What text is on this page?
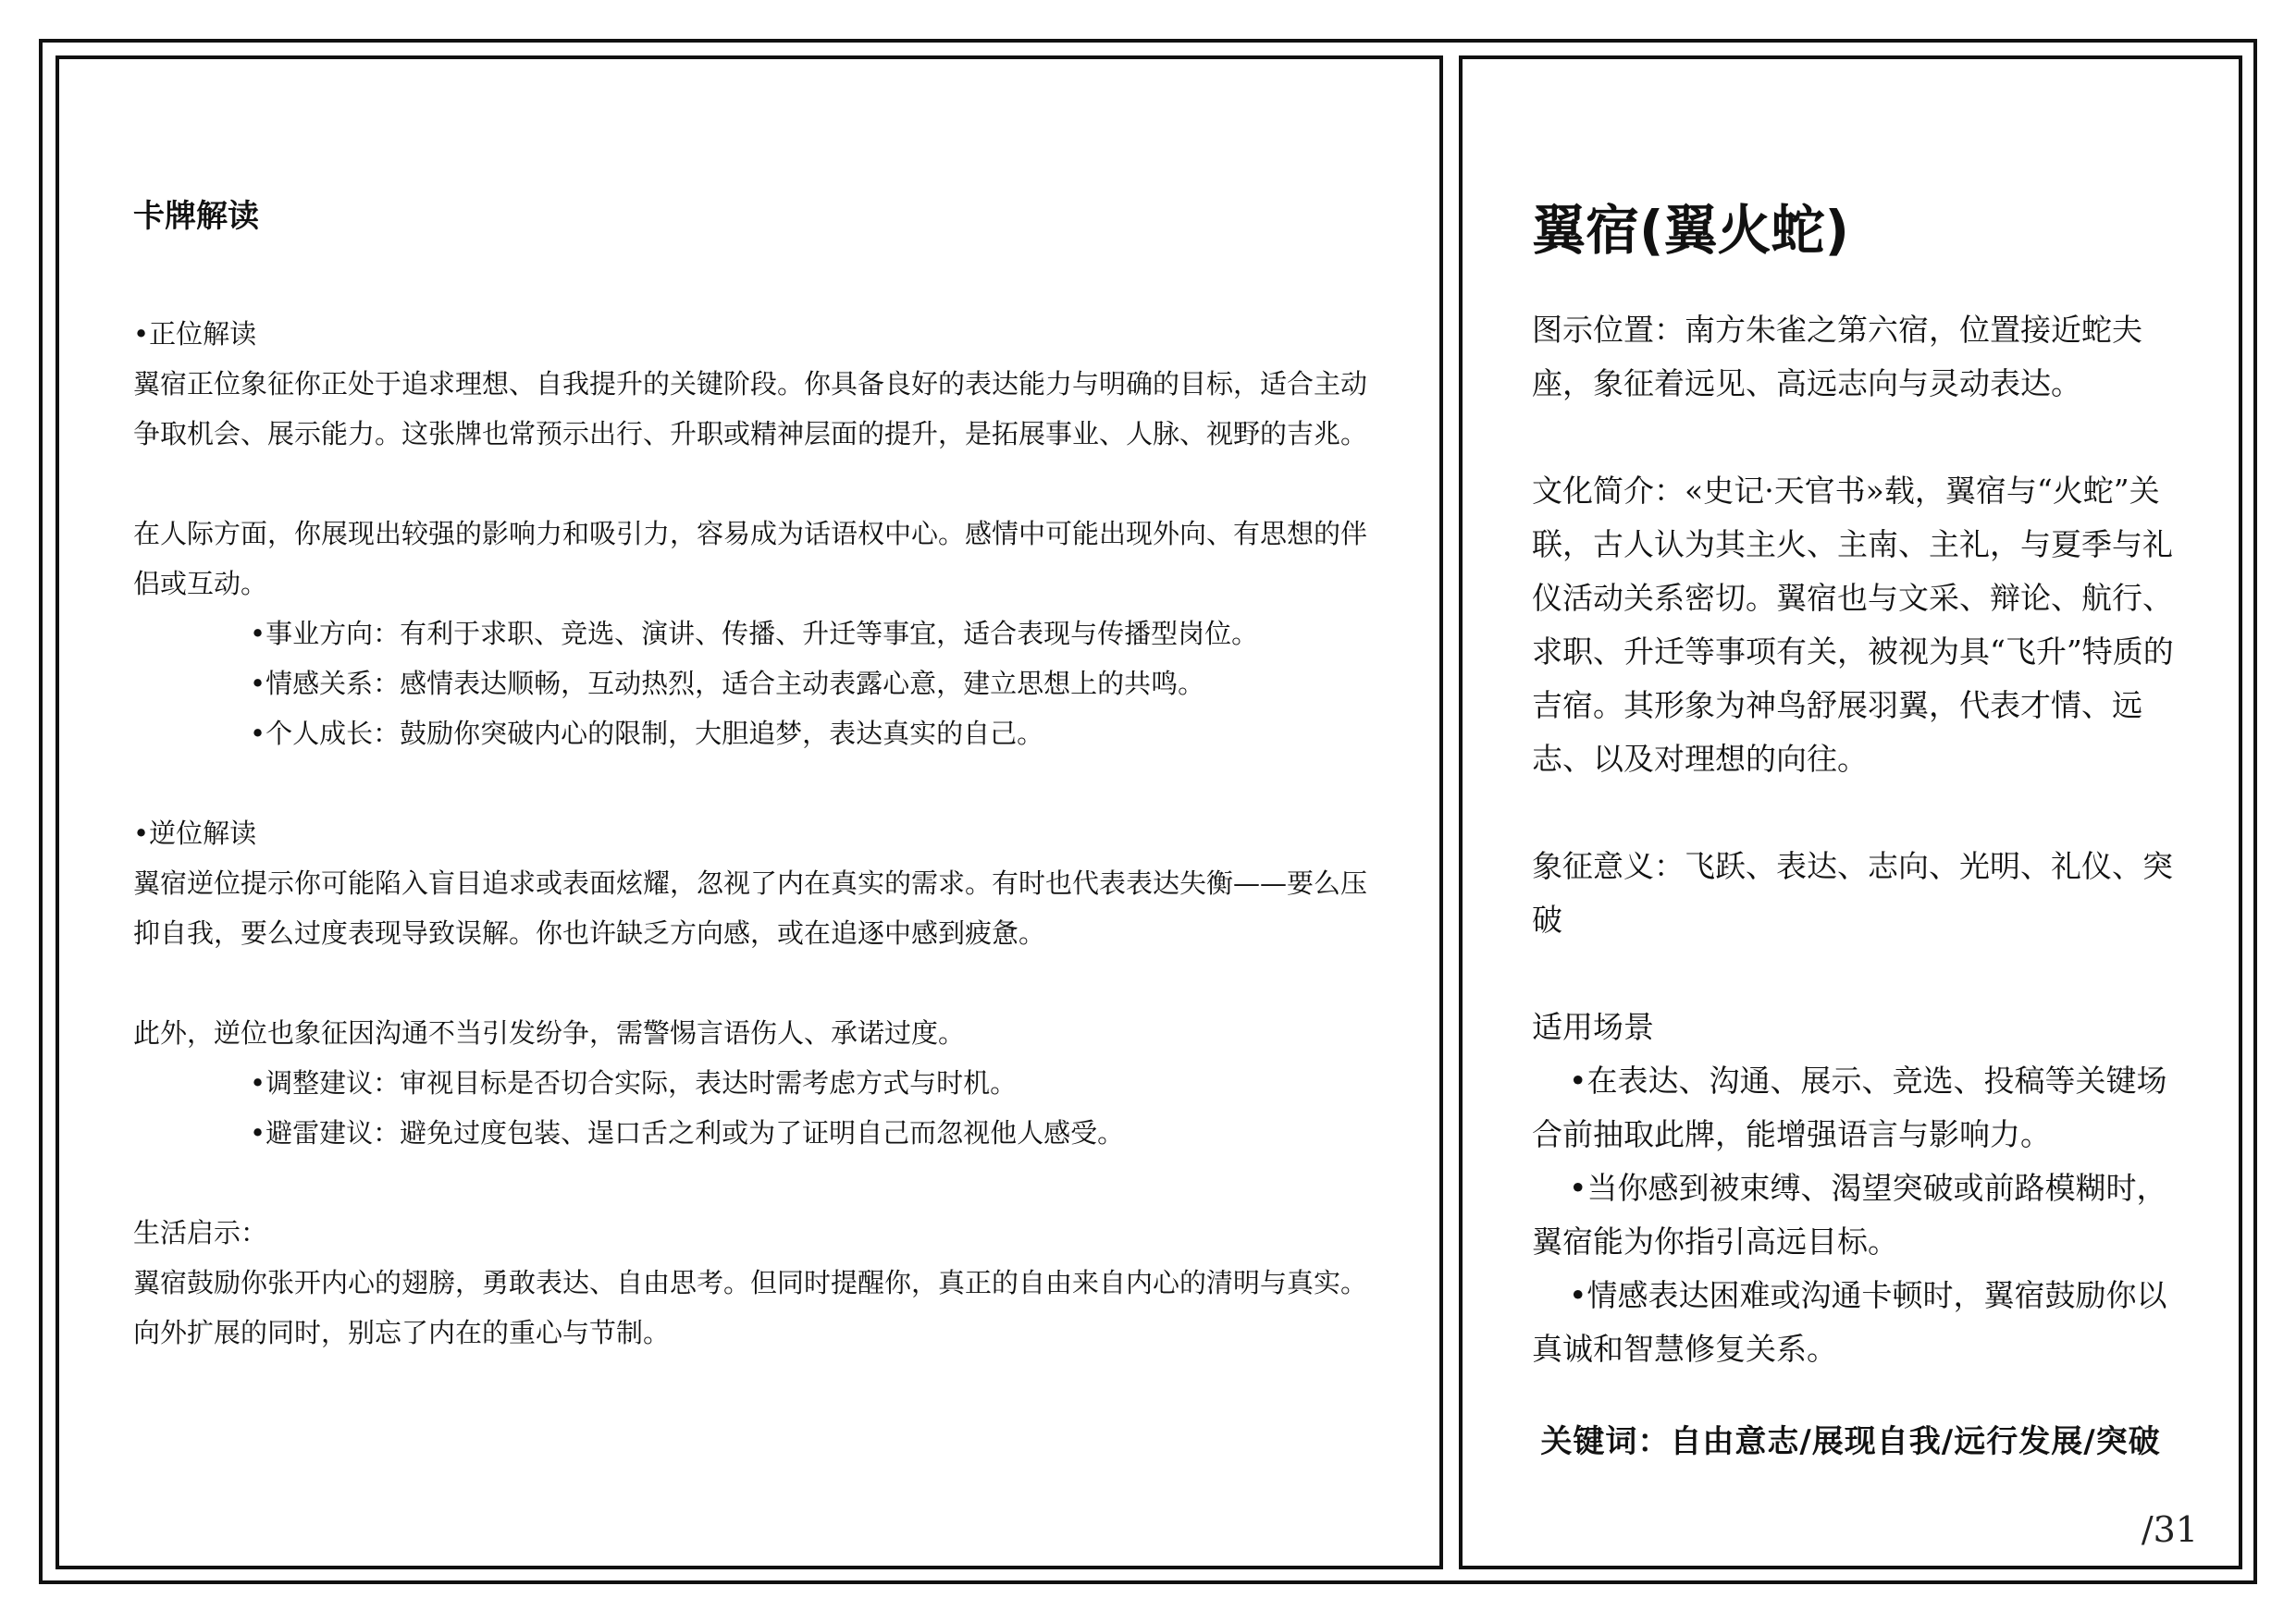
卡牌解读

•正位解读

翼宿正位象征你正处于追求理想、自我提升的关键阶段。你具备良好的表达能力与明确的目标，适合主动争取机会、展示能力。这张牌也常预示出行、升职或精神层面的提升，是拓展事业、人脉、视野的吉兆。

在人际方面，你展现出较强的影响力和吸引力，容易成为话语权中心。感情中可能出现外向、有思想的伴侣或互动。

•事业方向：有利于求职、竞选、演讲、传播、升迁等事宜，适合表现与传播型岗位。

•情感关系：感情表达顺畅，互动热烈，适合主动表露心意，建立思想上的共鸣。

•个人成长：鼓励你突破内心的限制，大胆追梦，表达真实的自己。

•逆位解读

翼宿逆位提示你可能陷入盲目追求或表面炫耀，忽视了内在真实的需求。有时也代表表达失衡——要么压抑自我，要么过度表现导致误解。你也许缺乏方向感，或在追逐中感到疲惫。

此外，逆位也象征因沟通不当引发纷争，需警惕言语伤人、承诺过度。

•调整建议：审视目标是否切合实际，表达时需考虑方式与时机。

•避雷建议：避免过度包装、逞口舌之利或为了证明自己而忽视他人感受。

生活启示：

翼宿鼓励你张开内心的翅膀，勇敢表达、自由思考。但同时提醒你，真正的自由来自内心的清明与真实。向外扩展的同时，别忘了内在的重心与节制。

翼宿(翼火蛇)

图示位置：南方朱雀之第六宿，位置接近蛇夫座，象征着远见、高远志向与灵动表达。

文化简介：«史记·天官书»载，翼宿与“火蛇”关联，古人认为其主火、主南、主礼，与夏季与礼仪活动关系密切。翼宿也与文采、辩论、航行、求职、升迁等事项有关，被视为具“飞升”特质的吉宿。其形象为神鸟舒展羽翼，代表才情、远志、以及对理想的向往。

象征意义：飞跃、表达、志向、光明、礼仪、突破

适用场景

•在表达、沟通、展示、竞选、投稿等关键场合前抽取此牌，能增强语言与影响力。

•当你感到被束缚、渴望突破或前路模糊时，翼宿能为你指引高远目标。

•情感表达困难或沟通卡顿时，翼宿鼓励你以真诚和智慧修复关系。

关键词：自由意志/展现自我/远行发展/突破
/31
